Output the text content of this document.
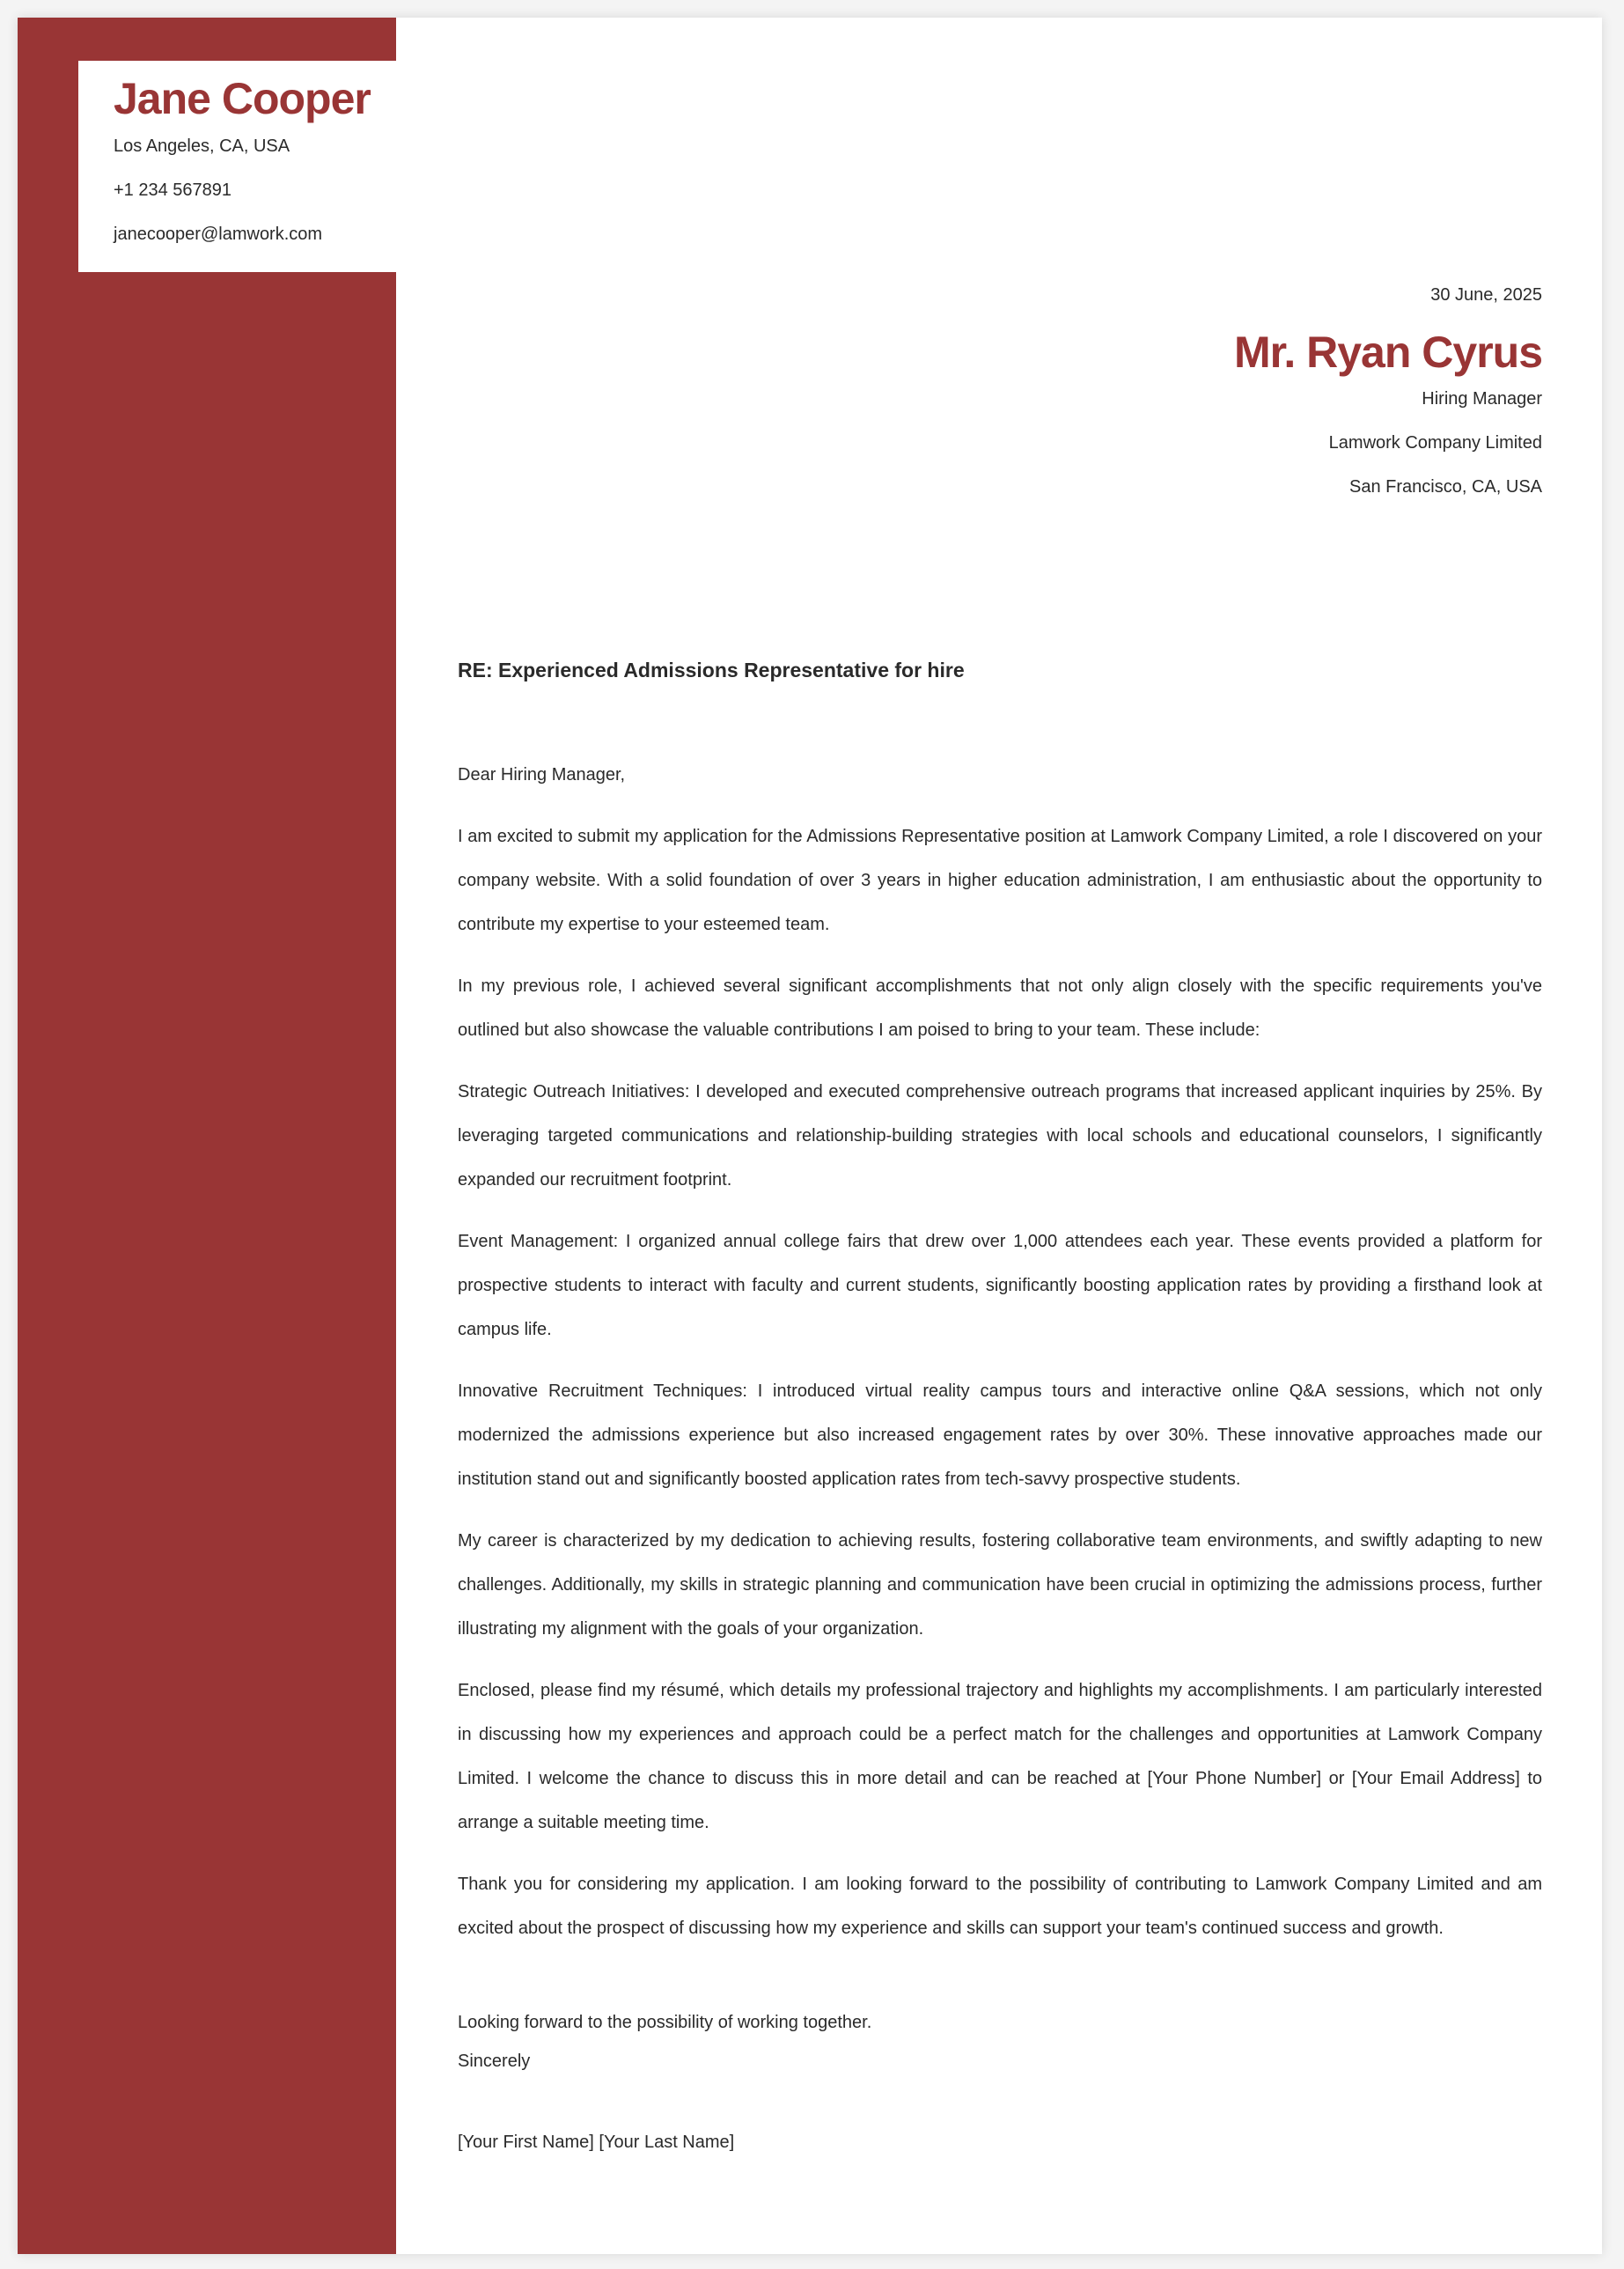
Jane Cooper
Los Angeles, CA, USA
+1 234 567891
janecooper@lamwork.com
30 June, 2025
Mr. Ryan Cyrus
Hiring Manager
Lamwork Company Limited
San Francisco, CA, USA
RE: Experienced Admissions Representative for hire

Dear Hiring Manager,

I am excited to submit my application for the Admissions Representative position at Lamwork Company Limited, a role I discovered on your company website. With a solid foundation of over 3 years in higher education administration, I am enthusiastic about the opportunity to contribute my expertise to your esteemed team.

In my previous role, I achieved several significant accomplishments that not only align closely with the specific requirements you've outlined but also showcase the valuable contributions I am poised to bring to your team. These include:

Strategic Outreach Initiatives: I developed and executed comprehensive outreach programs that increased applicant inquiries by 25%. By leveraging targeted communications and relationship-building strategies with local schools and educational counselors, I significantly expanded our recruitment footprint.

Event Management: I organized annual college fairs that drew over 1,000 attendees each year. These events provided a platform for prospective students to interact with faculty and current students, significantly boosting application rates by providing a firsthand look at campus life.

Innovative Recruitment Techniques: I introduced virtual reality campus tours and interactive online Q&A sessions, which not only modernized the admissions experience but also increased engagement rates by over 30%. These innovative approaches made our institution stand out and significantly boosted application rates from tech-savvy prospective students.

My career is characterized by my dedication to achieving results, fostering collaborative team environments, and swiftly adapting to new challenges. Additionally, my skills in strategic planning and communication have been crucial in optimizing the admissions process, further illustrating my alignment with the goals of your organization.

Enclosed, please find my résumé, which details my professional trajectory and highlights my accomplishments. I am particularly interested in discussing how my experiences and approach could be a perfect match for the challenges and opportunities at Lamwork Company Limited. I welcome the chance to discuss this in more detail and can be reached at [Your Phone Number] or [Your Email Address] to arrange a suitable meeting time.

Thank you for considering my application. I am looking forward to the possibility of contributing to Lamwork Company Limited and am excited about the prospect of discussing how my experience and skills can support your team's continued success and growth.

Looking forward to the possibility of working together.
Sincerely
[Your First Name] [Your Last Name]
